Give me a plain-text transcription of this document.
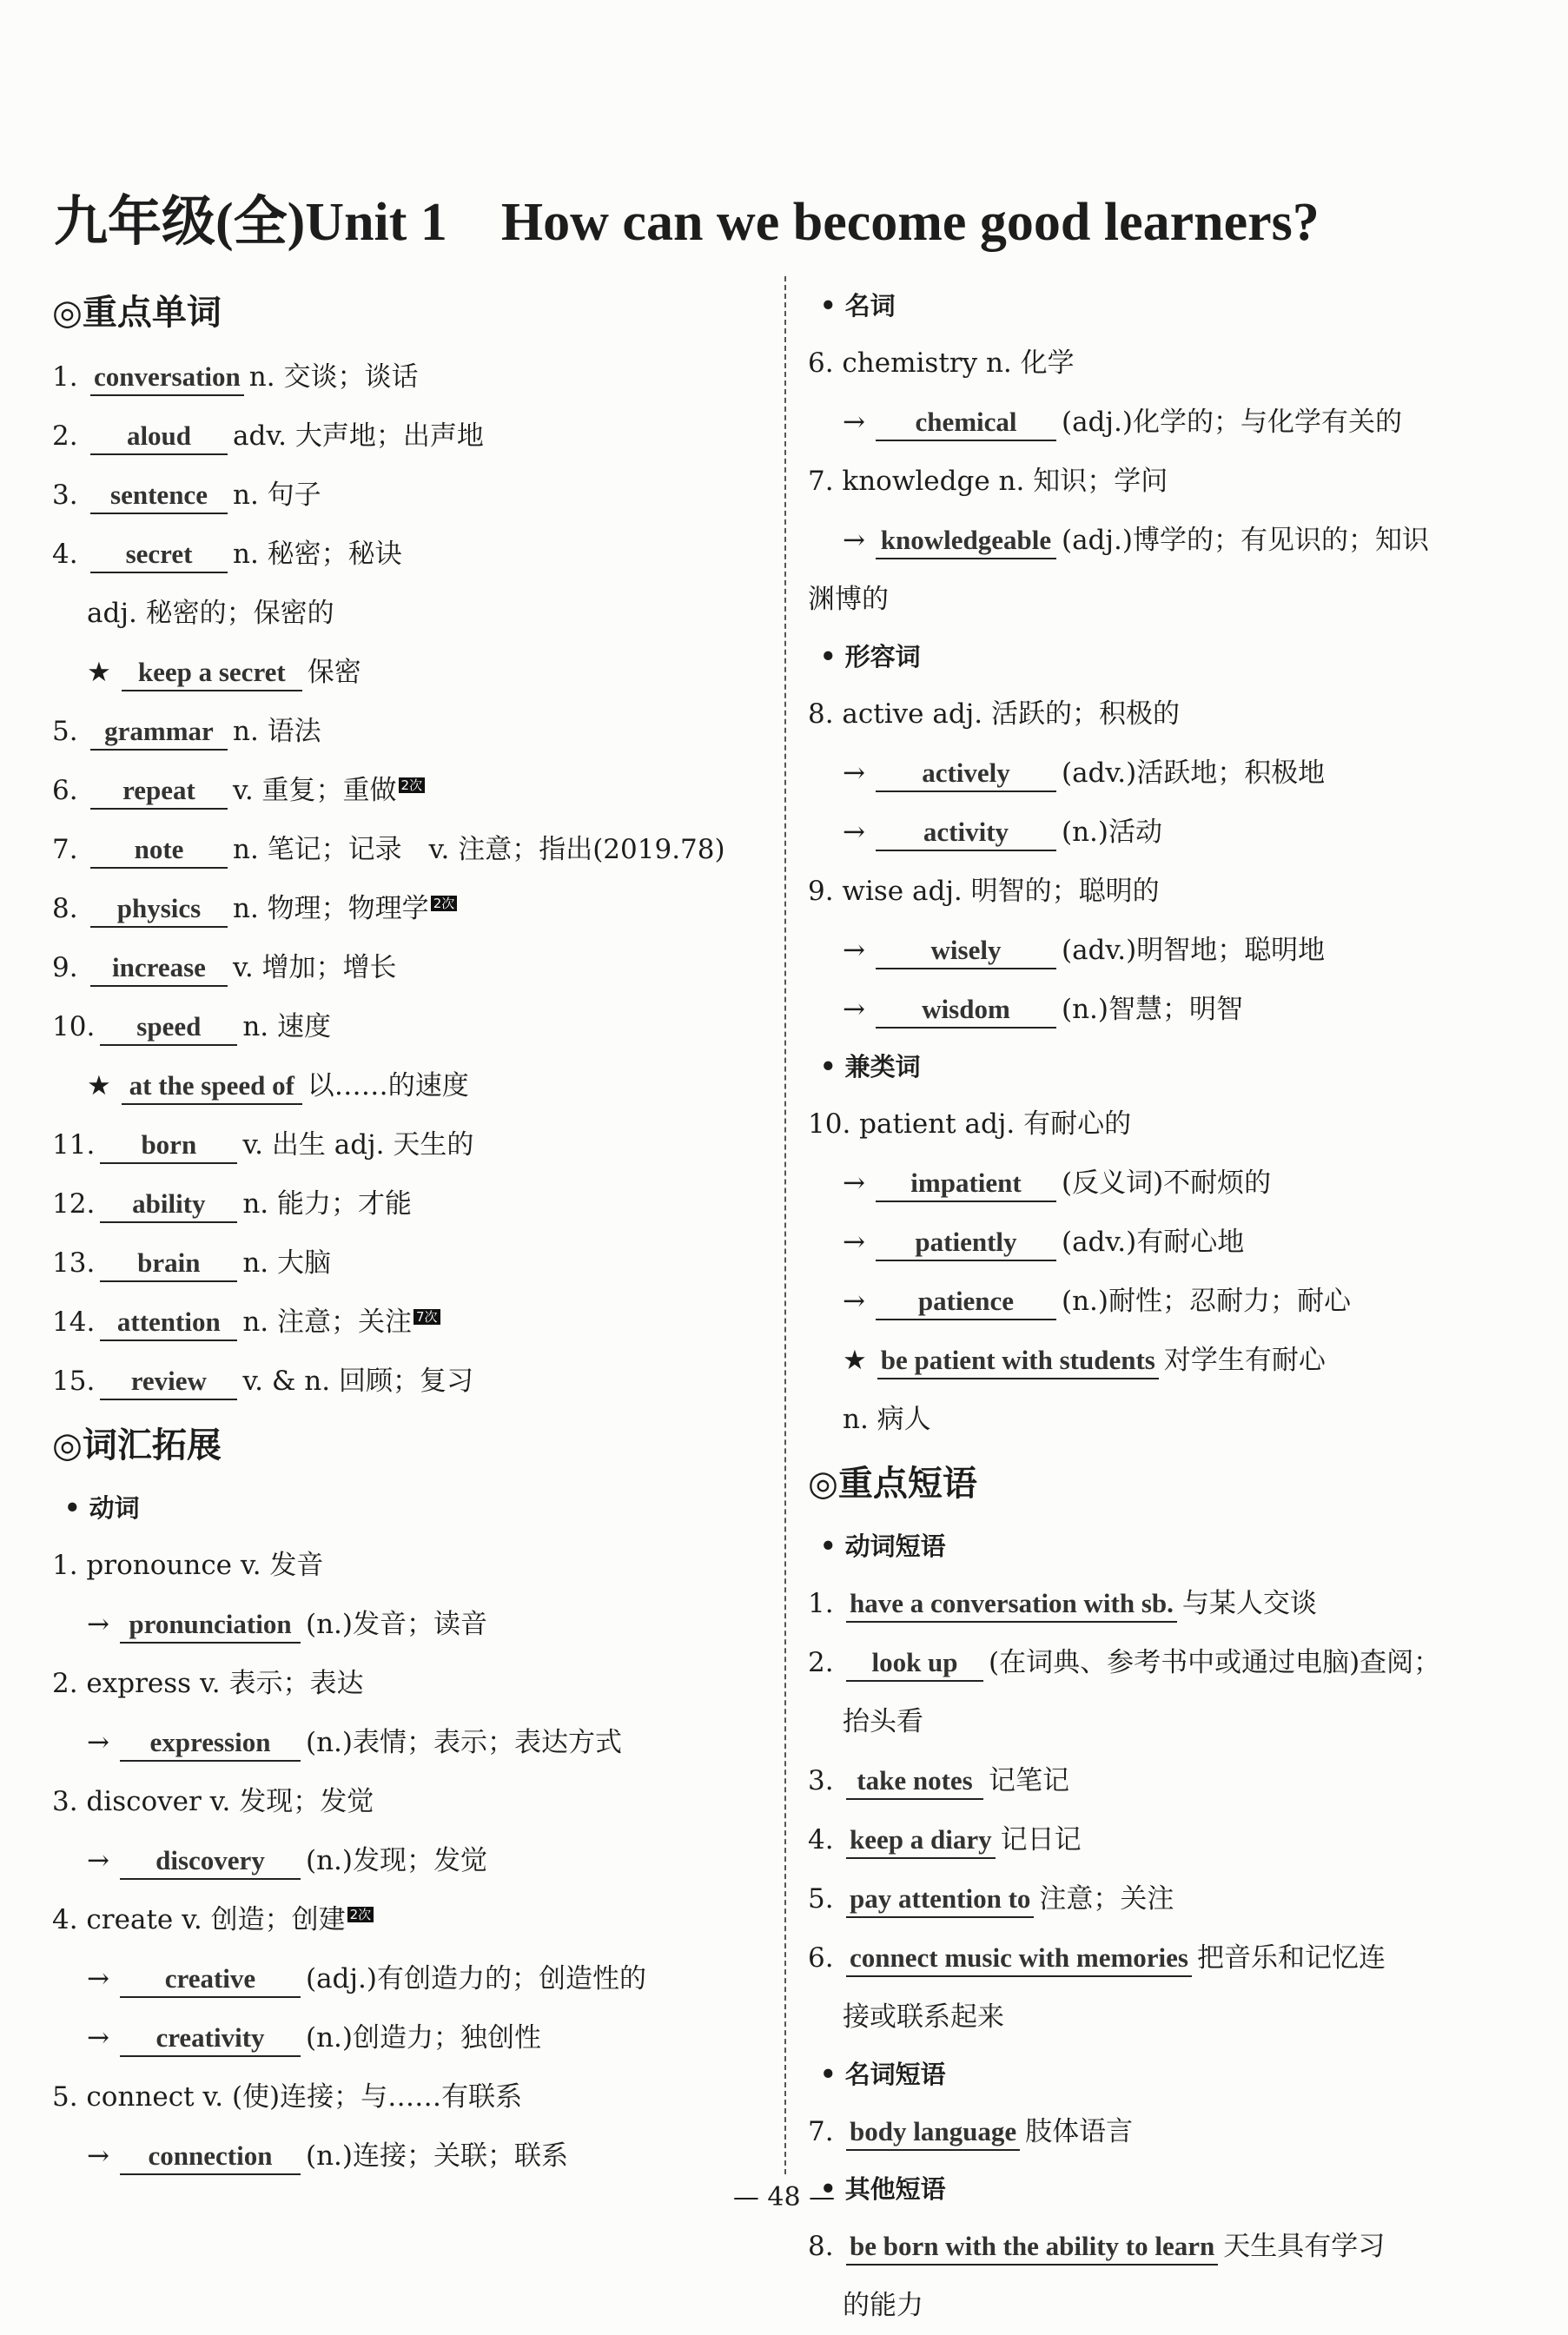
九年级(全)Unit 1　How can we become good learners?
◎重点单词
1. conversation n. 交谈；谈话
2. aloud adv. 大声地；出声地
3. sentence n. 句子
4. secret n. 秘密；秘诀
adj. 秘密的；保密的
★ keep a secret 保密
5. grammar n. 语法
6. repeat v. 重复；重做 2次
7. note n. 笔记；记录　v. 注意；指出(2019.78)
8. physics n. 物理；物理学 2次
9. increase v. 增加；增长
10. speed n. 速度
★ at the speed of 以……的速度
11. born v. 出生 adj. 天生的
12. ability n. 能力；才能
13. brain n. 大脑
14. attention n. 注意；关注 7次
15. review v. & n. 回顾；复习
◎词汇拓展
• 动词
1. pronounce v. 发音
→ pronunciation (n.)发音；读音
2. express v. 表示；表达
→ expression (n.)表情；表示；表达方式
3. discover v. 发现；发觉
→ discovery (n.)发现；发觉
4. create v. 创造；创建 2次
→ creative (adj.)有创造力的；创造性的
→ creativity (n.)创造力；独创性
5. connect v. (使)连接；与……有联系
→ connection (n.)连接；关联；联系
• 名词
6. chemistry n. 化学
→ chemical (adj.)化学的；与化学有关的
7. knowledge n. 知识；学问
→ knowledgeable (adj.)博学的；有见识的；知识
渊博的
• 形容词
8. active adj. 活跃的；积极的
→ actively (adv.)活跃地；积极地
→ activity (n.)活动
9. wise adj. 明智的；聪明的
→ wisely (adv.)明智地；聪明地
→ wisdom (n.)智慧；明智
• 兼类词
10. patient adj. 有耐心的
→ impatient (反义词)不耐烦的
→ patiently (adv.)有耐心地
→ patience (n.)耐性；忍耐力；耐心
★ be patient with students 对学生有耐心
n. 病人
◎重点短语
• 动词短语
1. have a conversation with sb. 与某人交谈
2. look up (在词典、参考书中或通过电脑)查阅；
抬头看
3. take notes 记笔记
4. keep a diary 记日记
5. pay attention to 注意；关注
6. connect music with memories 把音乐和记忆连
接或联系起来
• 名词短语
7. body language 肢体语言
• 其他短语
8. be born with the ability to learn 天生具有学习
的能力
— 48 —
